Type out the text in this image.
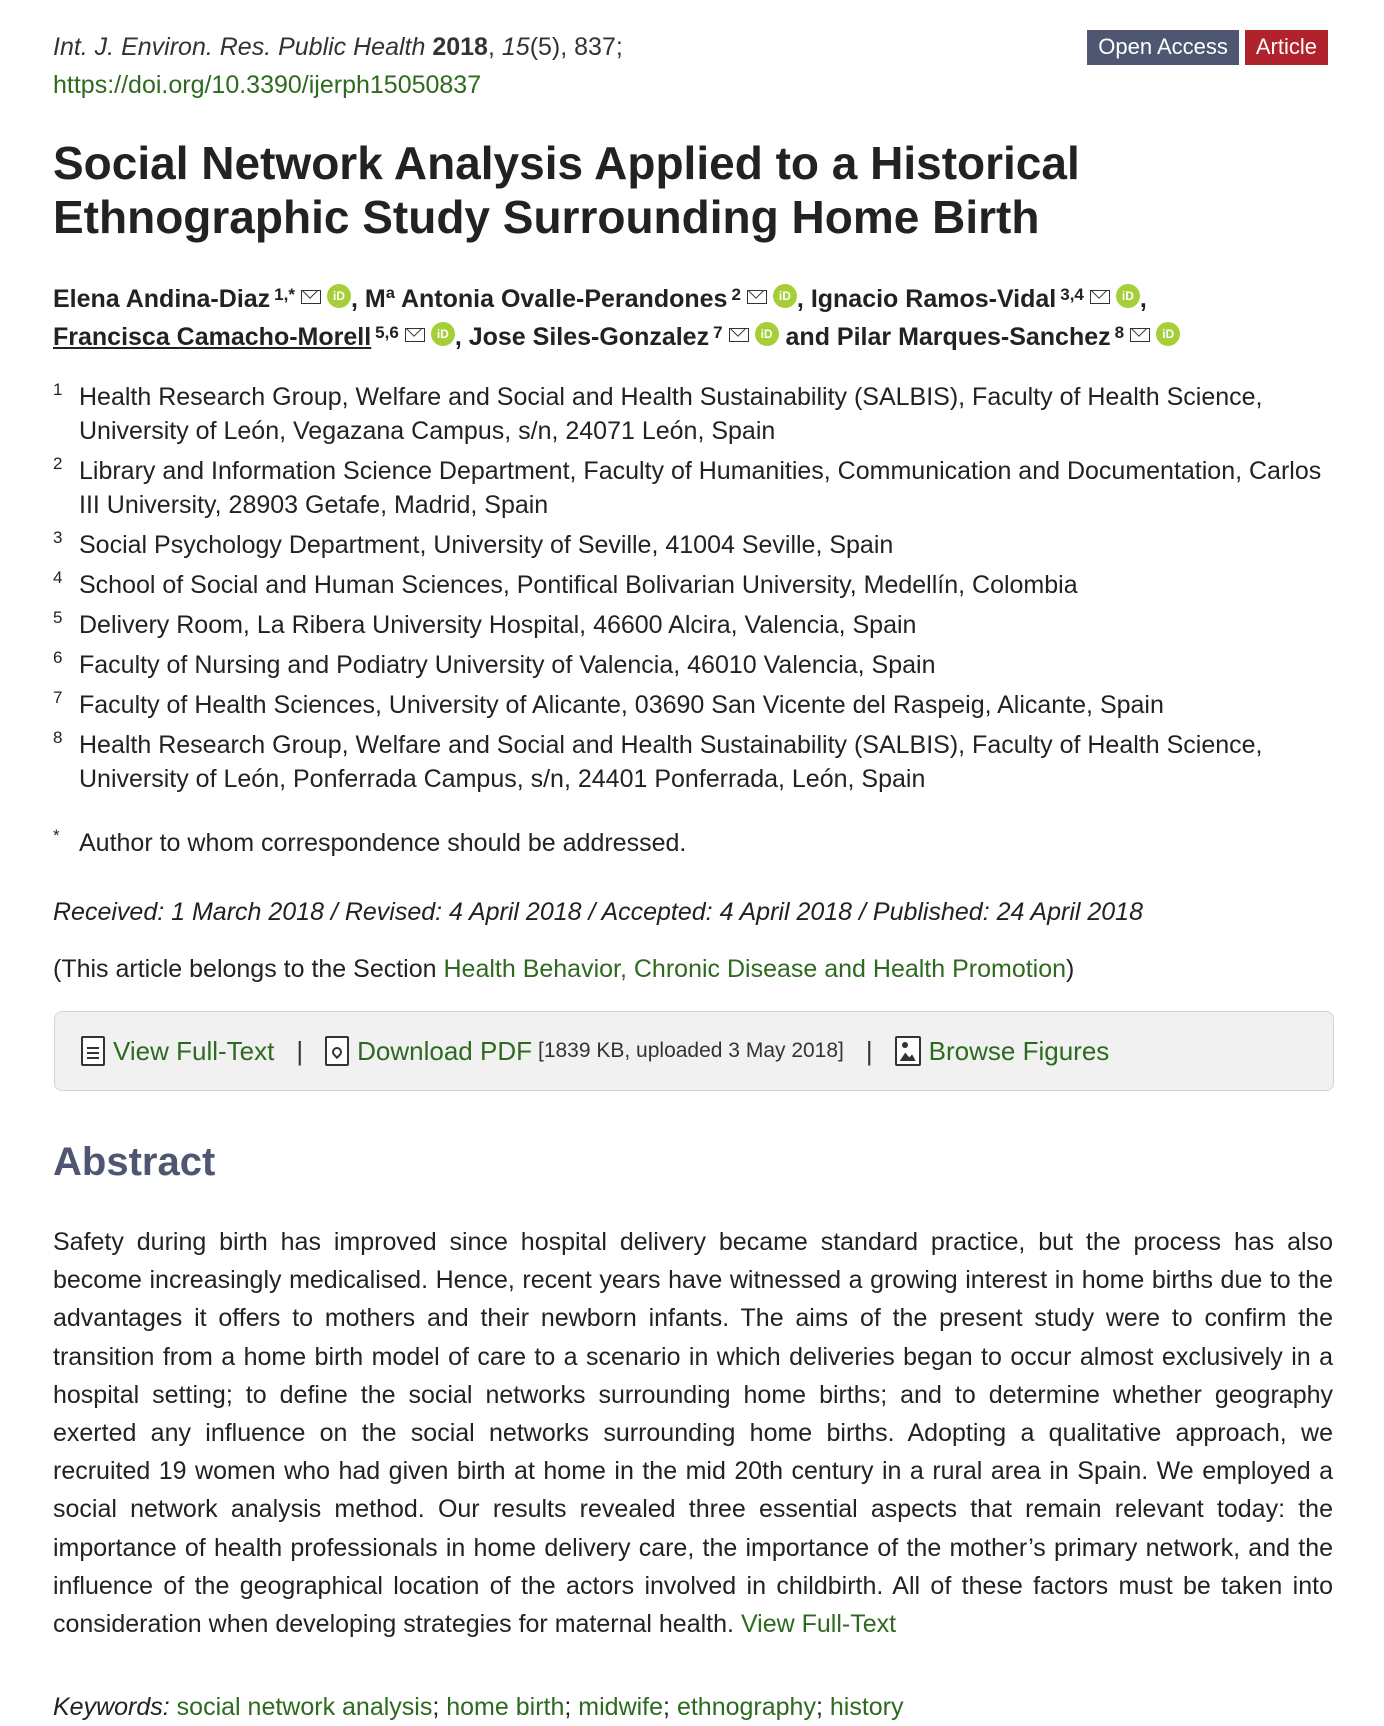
Int. J. Environ. Res. Public Health 2018, 15(5), 837;
https://doi.org/10.3390/ijerph15050837
Open Access	Article
Social Network Analysis Applied to a Historical
Ethnographic Study Surrounding Home Birth
Elena Andina-Diaz $^{1,*}$	iD , Mª Antonia Ovalle-Perandones $^2$	iD , Ignacio Ramos-Vidal $^{3,4}$	iD ,
Francisca Camacho-Morell $^{5,6}$	iD , Jose Siles-Gonzalez $^7$	iD and Pilar Marques-Sanchez $^8$	iD
1 Health Research Group, Welfare and Social and Health Sustainability (SALBIS), Faculty of Health Science, University of León, Vegazana Campus, s/n, 24071 León, Spain
2 Library and Information Science Department, Faculty of Humanities, Communication and Documentation, Carlos III University, 28903 Getafe, Madrid, Spain
3 Social Psychology Department, University of Seville, 41004 Seville, Spain
4 School of Social and Human Sciences, Pontifical Bolivarian University, Medellín, Colombia
5 Delivery Room, La Ribera University Hospital, 46600 Alcira, Valencia, Spain
6 Faculty of Nursing and Podiatry University of Valencia, 46010 Valencia, Spain
7 Faculty of Health Sciences, University of Alicante, 03690 San Vicente del Raspeig, Alicante, Spain
8 Health Research Group, Welfare and Social and Health Sustainability (SALBIS), Faculty of Health Science, University of León, Ponferrada Campus, s/n, 24401 Ponferrada, León, Spain
* Author to whom correspondence should be addressed.
Received: 1 March 2018 / Revised: 4 April 2018 / Accepted: 4 April 2018 / Published: 24 April 2018
(This article belongs to the Section Health Behavior, Chronic Disease and Health Promotion)
View Full-Text | Download PDF [1839 KB, uploaded 3 May 2018] | Browse Figures
Abstract

Safety during birth has improved since hospital delivery became standard practice, but the process has also become increasingly medicalised. Hence, recent years have witnessed a growing interest in home births due to the advantages it offers to mothers and their newborn infants. The aims of the present study were to confirm the transition from a home birth model of care to a scenario in which deliveries began to occur almost exclusively in a hospital setting; to define the social networks surrounding home births; and to determine whether geography exerted any influence on the social networks surrounding home births. Adopting a qualitative approach, we recruited 19 women who had given birth at home in the mid 20th century in a rural area in Spain. We employed a social network analysis method. Our results revealed three essential aspects that remain relevant today: the importance of health professionals in home delivery care, the importance of the mother’s primary network, and the influence of the geographical location of the actors involved in childbirth. All of these factors must be taken into consideration when developing strategies for maternal health. View Full-Text

Keywords: social network analysis; home birth; midwife; ethnography; history
